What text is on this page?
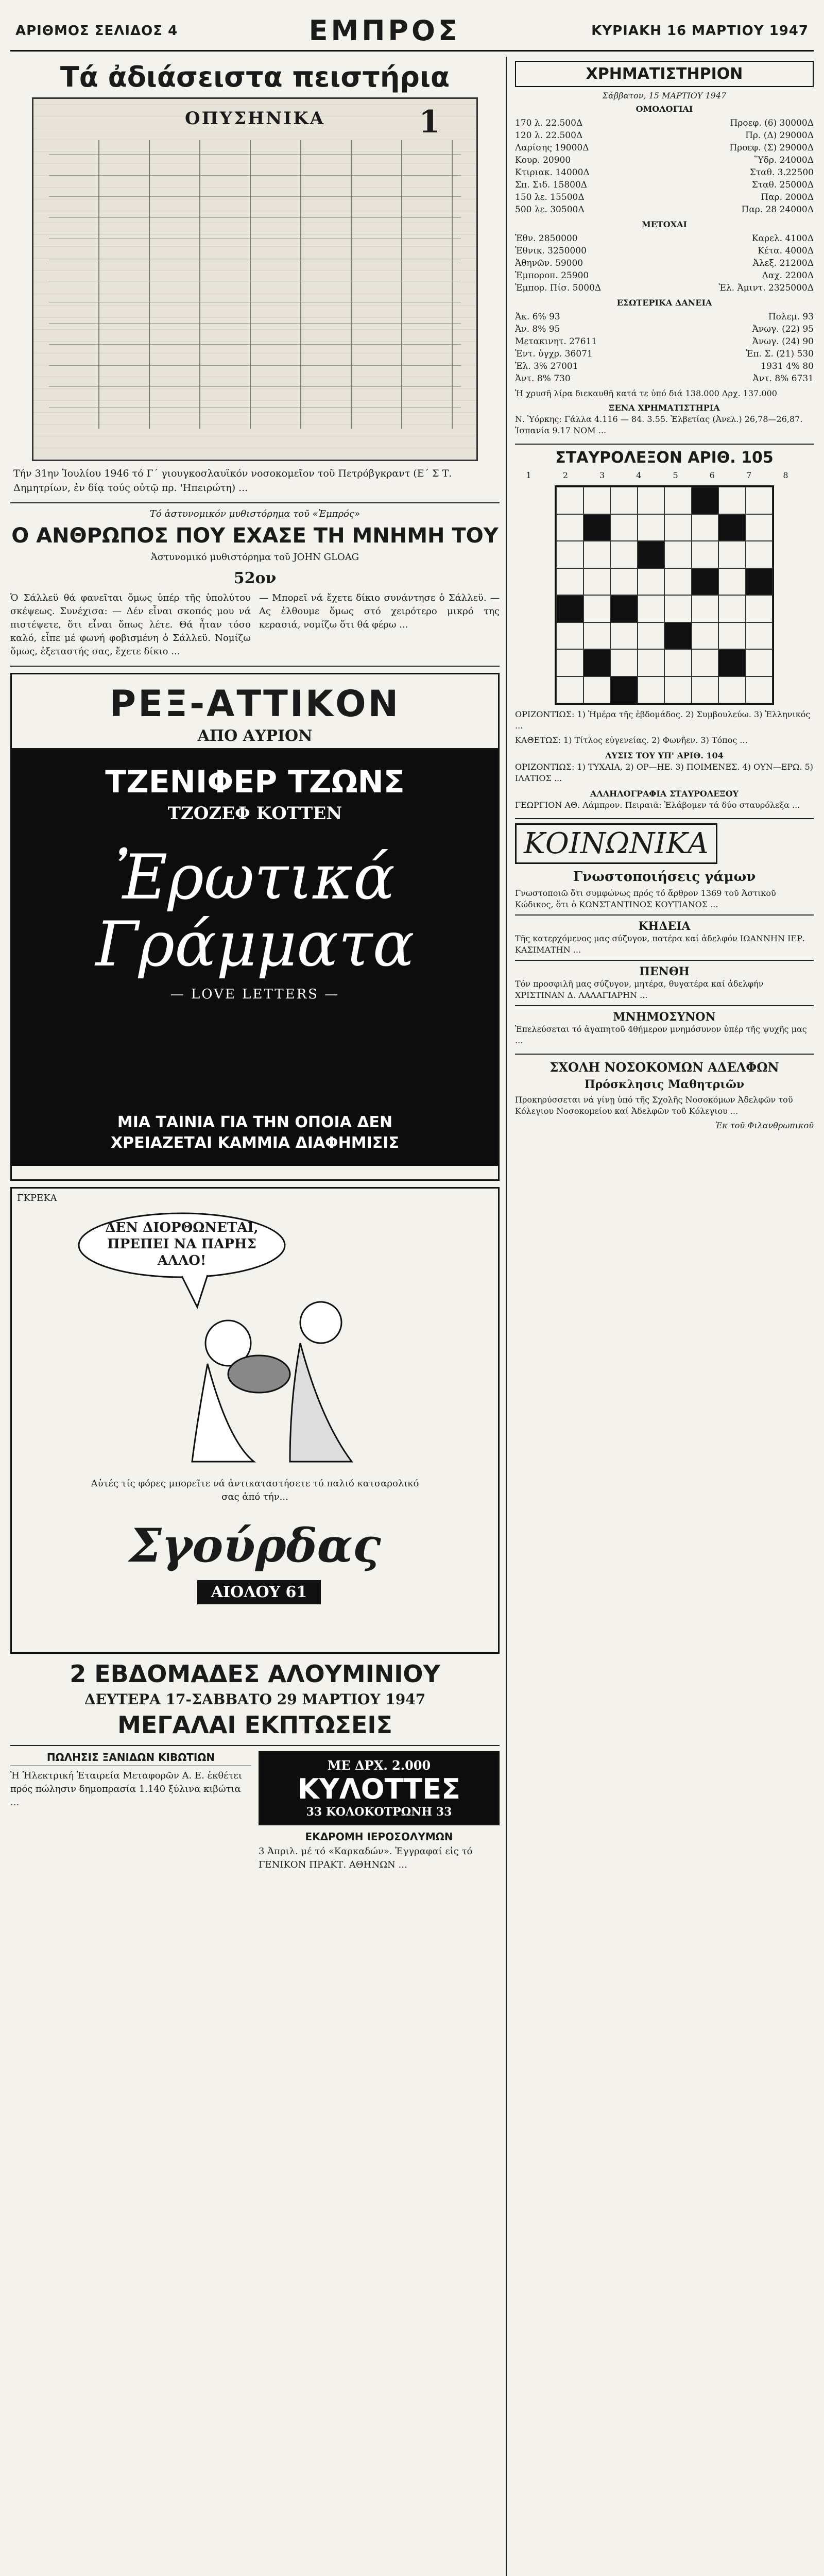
ΑΡΙΘΜΟΣ ΣΕΛΙΔΟΣ 4	ΕΜΠΡΟΣ	ΚΥΡΙΑΚΗ 16 ΜΑΡΤΙΟΥ 1947

Τά ἀδιάσειστα πειστήρια

ΟΠΥΣΗΝΙΚΑ	1

Τήν 31ην Ἰουλίου 1946 τό Γ΄ γιουγκοσλαυϊκόν νοσοκομεῖον τοῦ Πετρόβγκραντ (Ε΄ Σ Τ. Δημητρίων, ἐν δίᾳ τούς οὐτῷ πρ. 'Ηπειρώτη) ...

Τό ἀστυνομικόν μυθιστόρημα τοῦ «Ἐμπρός»

Ο ΑΝΘΡΩΠΟΣ ΠΟΥ ΕΧΑΣΕ ΤΗ ΜΝΗΜΗ ΤΟΥ

Ἀστυνομικό μυθιστόρημα τοῦ JOHN GLOAG

52ον

Ὁ Σάλλεϋ θά φανεῖται ὄμως ὑπέρ τῆς ὑπολύτου σκέψεως. Συνέχισα: — Δέν εἶναι σκοπός μου νά πιστέψετε, ὅτι εἶναι ὅπως λέτε. Θά ἦταν τόσο καλό, εἶπε μέ φωνή φοβισμένη ὁ Σάλλεϋ. Νομίζω ὅμως, ἐξεταστής σας, ἔχετε δίκιο ...
— Μπορεῖ νά ἔχετε δίκιο συνάντησε ὁ Σάλλεϋ. — Ας ἐλθουμε ὅμως στό χειρότερο μικρό της κερασιά, νομίζω ὅτι θά φέρω ...
ΡΕΞ-ΑΤΤΙΚΟΝ
ΑΠΟ ΑΥΡΙΟΝ
ΤΖΕΝΙΦΕΡ ΤΖΩΝΣ
ΤΖΟΖΕΦ ΚΟΤΤΕΝ
Ἐρωτικά
Γράμματα
— LOVE LETTERS —
ΜΙΑ ΤΑΙΝΙΑ ΓΙΑ ΤΗΝ ΟΠΟΙΑ ΔΕΝ
ΧΡΕΙΑΖΕΤΑΙ ΚΑΜΜΙΑ ΔΙΑΦΗΜΙΣΙΣ
ΓΚΡΕΚΑ
ΔΕΝ ΔΙΟΡΘΩΝΕΤΑΙ, ΠΡΕΠΕΙ ΝΑ ΠΑΡΗΣ ΑΛΛΟ!
Αὐτές τίς φόρες μπορεῖτε νά ἀντικαταστήσετε τό παλιό κατσαρολικό σας ἀπό τήν...
Σγούρδας
ΑΙΟΛΟΥ 61
2 ΕΒΔΟΜΑΔΕΣ ΑΛΟΥΜΙΝΙΟΥ
ΔΕΥΤΕΡΑ 17-ΣΑΒΒΑΤΟ 29 ΜΑΡΤΙΟΥ 1947
ΜΕΓΑΛΑΙ ΕΚΠΤΩΣΕΙΣ
ΠΩΛΗΣΙΣ ΞΑΝΙΔΩΝ ΚΙΒΩΤΙΩΝ
Ἡ Ἠλεκτρική Ἐταιρεία Μεταφορῶν Α. Ε. ἐκθέτει πρός πώλησιν δημοπρασία 1.140 ξύλινα κιβώτια ...
ΜΕ ΔΡΧ. 2.000
ΚΥΛΟΤΤΕΣ
33 ΚΟΛΟΚΟΤΡΩΝΗ 33
ΕΚΔΡΟΜΗ ΙΕΡΟΣΟΛΥΜΩΝ
3 Ἀπριλ. μέ τό «Καρκαδών». Ἐγγραφαί εἰς τό ΓΕΝΙΚΟΝ ΠΡΑΚΤ. ΑΘΗΝΩΝ ...
ΧΡΗΜΑΤΙΣΤΗΡΙΟΝ
Σάββατον, 15 ΜΑΡΤΙΟΥ 1947
ΟΜΟΛΟΓΙΑΙ
170 λ. 22.500Δ	Προεφ. (6) 30000Δ
120 λ. 22.500Δ	Πρ. (Δ) 29000Δ
Λαρίσης 19000Δ	Προεφ. (Σ) 29000Δ
Κουρ. 20900	Ὕδρ. 24000Δ
Κτιριακ. 14000Δ	Σταθ. 3.22500
Σπ. Σιδ. 15800Δ	Σταθ. 25000Δ
150 λε. 15500Δ	Παρ. 2000Δ
500 λε. 30500Δ	Παρ. 28 24000Δ
ΜΕΤΟΧΑΙ
Ἐθν. 2850000	Καρελ. 4100Δ
Ἐθνικ. 3250000	Κέτα. 4000Δ
Ἀθηνῶν. 59000	Ἀλεξ. 21200Δ
Ἐμποροπ. 25900	Λαχ. 2200Δ
Ἐμπορ. Πίσ. 5000Δ	Ἐλ. Ἀμιντ. 2325000Δ
ΕΣΩΤΕΡΙΚΑ ΔΑΝΕΙΑ
Ἀκ. 6% 93	Πολεμ. 93
Ἀν. 8% 95	Ἀνωγ. (22) 95
Μετακινητ. 27611	Ἀνωγ. (24) 90
Ἐντ. ὑγχρ. 36071	Ἐπ. Σ. (21) 530
Ἐλ. 3% 27001	1931 4% 80
Ἀντ. 8% 730	Ἀντ. 8% 6731
Ἡ χρυσῆ λίρα διεκαυθῆ κατά τε ὑπό διά 138.000 Δρχ. 137.000
ΞΕΝΑ ΧΡΗΜΑΤΙΣΤΗΡΙΑ
Ν. Ὑόρκης: Γάλλα 4.116 — 84. 3.55. Ἑλβετίας (Ἀνελ.) 26,78—26,87. Ἰσπανία 9.17 ΝΟΜ ...
ΣΤΑΥΡΟΛΕΞΟΝ ΑΡΙΘ. 105
1 2 3 4 5 6 7 8
ΟΡΙΖΟΝΤΙΩΣ: 1) Ἡμέρα τῆς ἑβδομάδος. 2) Συμβουλεύω. 3) Ἑλληνικός ...
ΚΑΘΕΤΩΣ: 1) Τίτλος εὐγενείας. 2) Φωνῆεν. 3) Τόπος ...
ΛΥΣΙΣ ΤΟΥ ΥΠ' ΑΡΙΘ. 104
ΟΡΙΖΟΝΤΙΩΣ: 1) ΤΥΧΑΙΑ, 2) ΟΡ—ΗΕ. 3) ΠΟΙΜΕΝΕΣ. 4) ΟΥΝ—ΕΡΩ. 5) ΙΛΑΤΙΟΣ ...
ΑΛΛΗΛΟΓΡΑΦΙΑ ΣΤΑΥΡΟΛΕΞΟΥ
ΓΕΩΡΓΙΟΝ ΑΘ. Λάμπρον. Πειραιᾶ: Ἐλάβομεν τά δύο σταυρόλεξα ...
ΚΟΙΝΩΝΙΚΑ
Γνωστοποιήσεις γάμων
Γνωστοποιῶ ὅτι συμφώνως πρός τό ἄρθρον 1369 τοῦ Ἀστικοῦ Κώδικος, ὅτι ὁ ΚΩΝΣΤΑΝΤΙΝΟΣ ΚΟΥΤΙΑΝΟΣ ...
ΚΗΔΕΙΑ
Τῆς κατερχόμενος μας σύζυγον, πατέρα καί ἀδελφόν ΙΩΑΝΝΗΝ ΙΕΡ. ΚΑΣΙΜΑΤΗΝ ...
ΠΕΝΘΗ
Τόν προσφιλῆ μας σύζυγον, μητέρα, θυγατέρα καί ἀδελφήν ΧΡΙΣΤΙΝΑΝ Δ. ΛΑΛΑΓΙΑΡΗΝ ...
ΜΝΗΜΟΣΥΝΟΝ
Ἐπελεύσεται τό ἀγαπητοῦ 4θήμερον μνημόσυνον ὑπέρ τῆς ψυχῆς μας ...
ΣΧΟΛΗ ΝΟΣΟΚΟΜΩΝ ΑΔΕΛΦΩΝ
Πρόσκλησις Μαθητριῶν
Προκηρύσσεται νά γίνῃ ὑπό τῆς Σχολῆς Νοσοκόμων Ἀδελφῶν τοῦ Κόλεγιου Νοσοκομείου καί Ἀδελφῶν τοῦ Κόλεγιου ...
Ἐκ τοῦ Φιλανθρωπικοῦ
